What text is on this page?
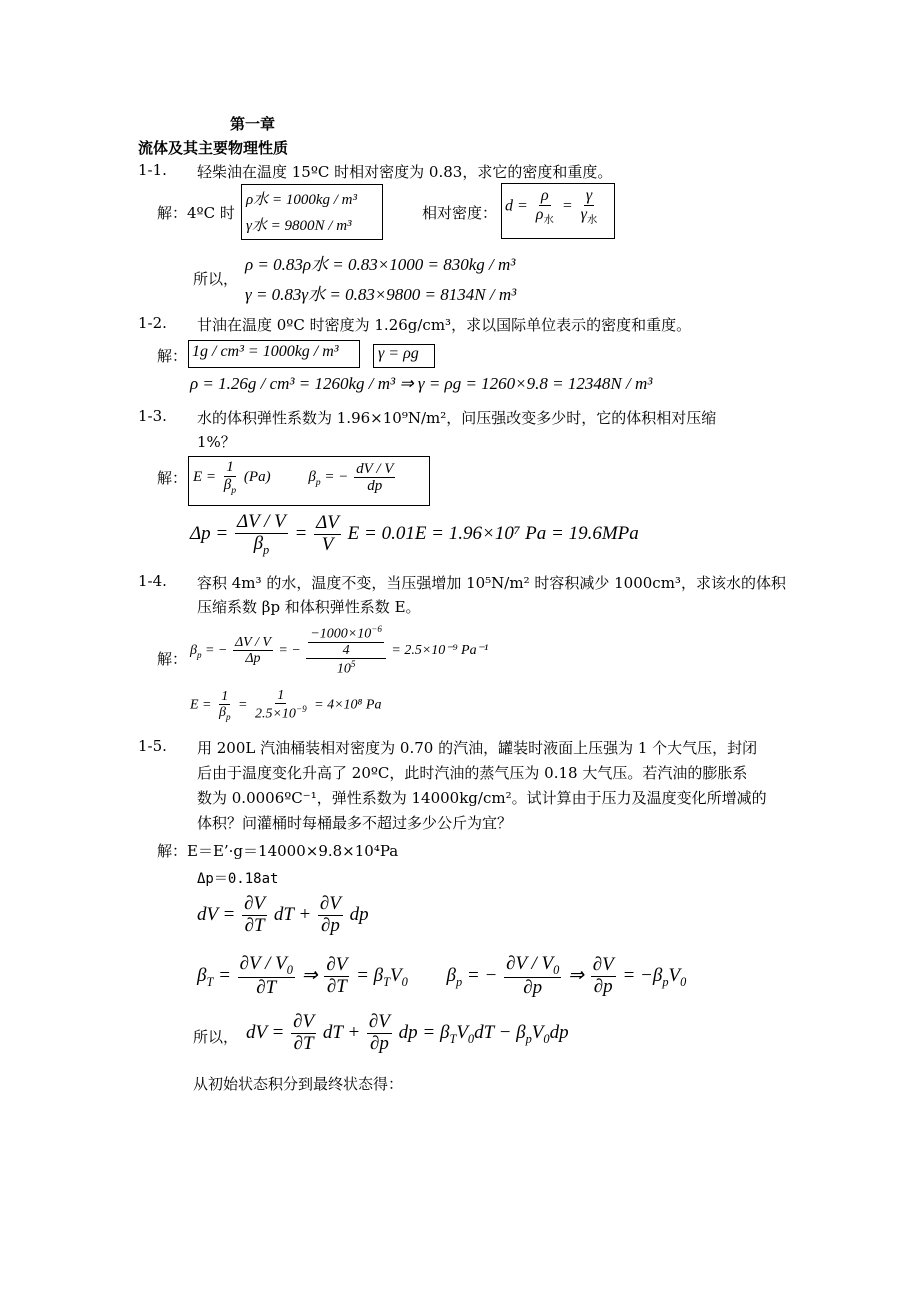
第一章
流体及其主要物理性质
1-1. 轻柴油在温度 15ºC 时相对密度为 0.83，求它的密度和重度。
解：4ºC 时
ρ水 = 1000kg / m³
γ水 = 9800N / m³
相对密度： $d = \frac{\rho}{\rho_水} = \frac{\gamma}{\gamma_水}$
所以，
ρ = 0.83ρ水 = 0.83×1000 = 830kg / m³
γ = 0.83γ水 = 0.83×9800 = 8134N / m³
1-2. 甘油在温度 0ºC 时密度为 1.26g/cm³，求以国际单位表示的密度和重度。
解： 1g / cm³ = 1000kg / m³ γ = ρg
ρ = 1.26g / cm³ = 1260kg / m³ ⇒ γ = ρg = 1260×9.8 = 12348N / m³
1-3. 水的体积弹性系数为 1.96×10⁹N/m²，问压强改变多少时，它的体积相对压缩
1%？
解： $E = \frac{1}{\beta_p} (Pa)$	$\beta_p$ = − $\frac{dV / V}{dp}$
$\Delta p = \frac{\Delta V / V}{\beta_p} = \frac{\Delta V}{V}$ E = 0.01E = 1.96×10⁷ Pa = 19.6MPa
1-4. 容积 4m³ 的水，温度不变，当压强增加 10⁵N/m² 时容积减少 1000cm³，求该水的体积
压缩系数 βp 和体积弹性系数 E。
解： $\beta_p$ = − $\frac{\Delta V / V}{\Delta p}$ = − $\frac{\frac{-1000\times 10^{-6}}{4}}{10^5} = 2.5\times 10^{-9}$ Pa⁻¹
$E = \frac{1}{\beta_p} = \frac{1}{2.5\times 10^{-9}} = 4\times 10^8$ Pa
1-5. 用 200L 汽油桶装相对密度为 0.70 的汽油，罐装时液面上压强为 1 个大气压，封闭
后由于温度变化升高了 20ºC，此时汽油的蒸气压为 0.18 大气压。若汽油的膨胀系
数为 0.0006ºC⁻¹，弹性系数为 14000kg/cm²。试计算由于压力及温度变化所增减的
体积？问灌桶时每桶最多不超过多少公斤为宜？
解：E＝E’·g＝14000×9.8×10⁴Pa
Δp＝0.18at
dV = $\frac{\partial V}{\partial T}$ dT + $\frac{\partial V}{\partial p}$ dp
$\beta_T = \frac{\partial V / V_0}{\partial T}$ ⇒ $\frac{\partial V}{\partial T} = \beta_TV_0$ $\beta_p$ = − $\frac{\partial V / V_0}{\partial p}$ ⇒ $\frac{\partial V}{\partial p} = -\beta_pV_0$
所以， dV = $\frac{\partial V}{\partial T}$ dT + $\frac{\partial V}{\partial p}$ dp = $\beta_TV_0dT - \beta_pV_0dp$
从初始状态积分到最终状态得：
